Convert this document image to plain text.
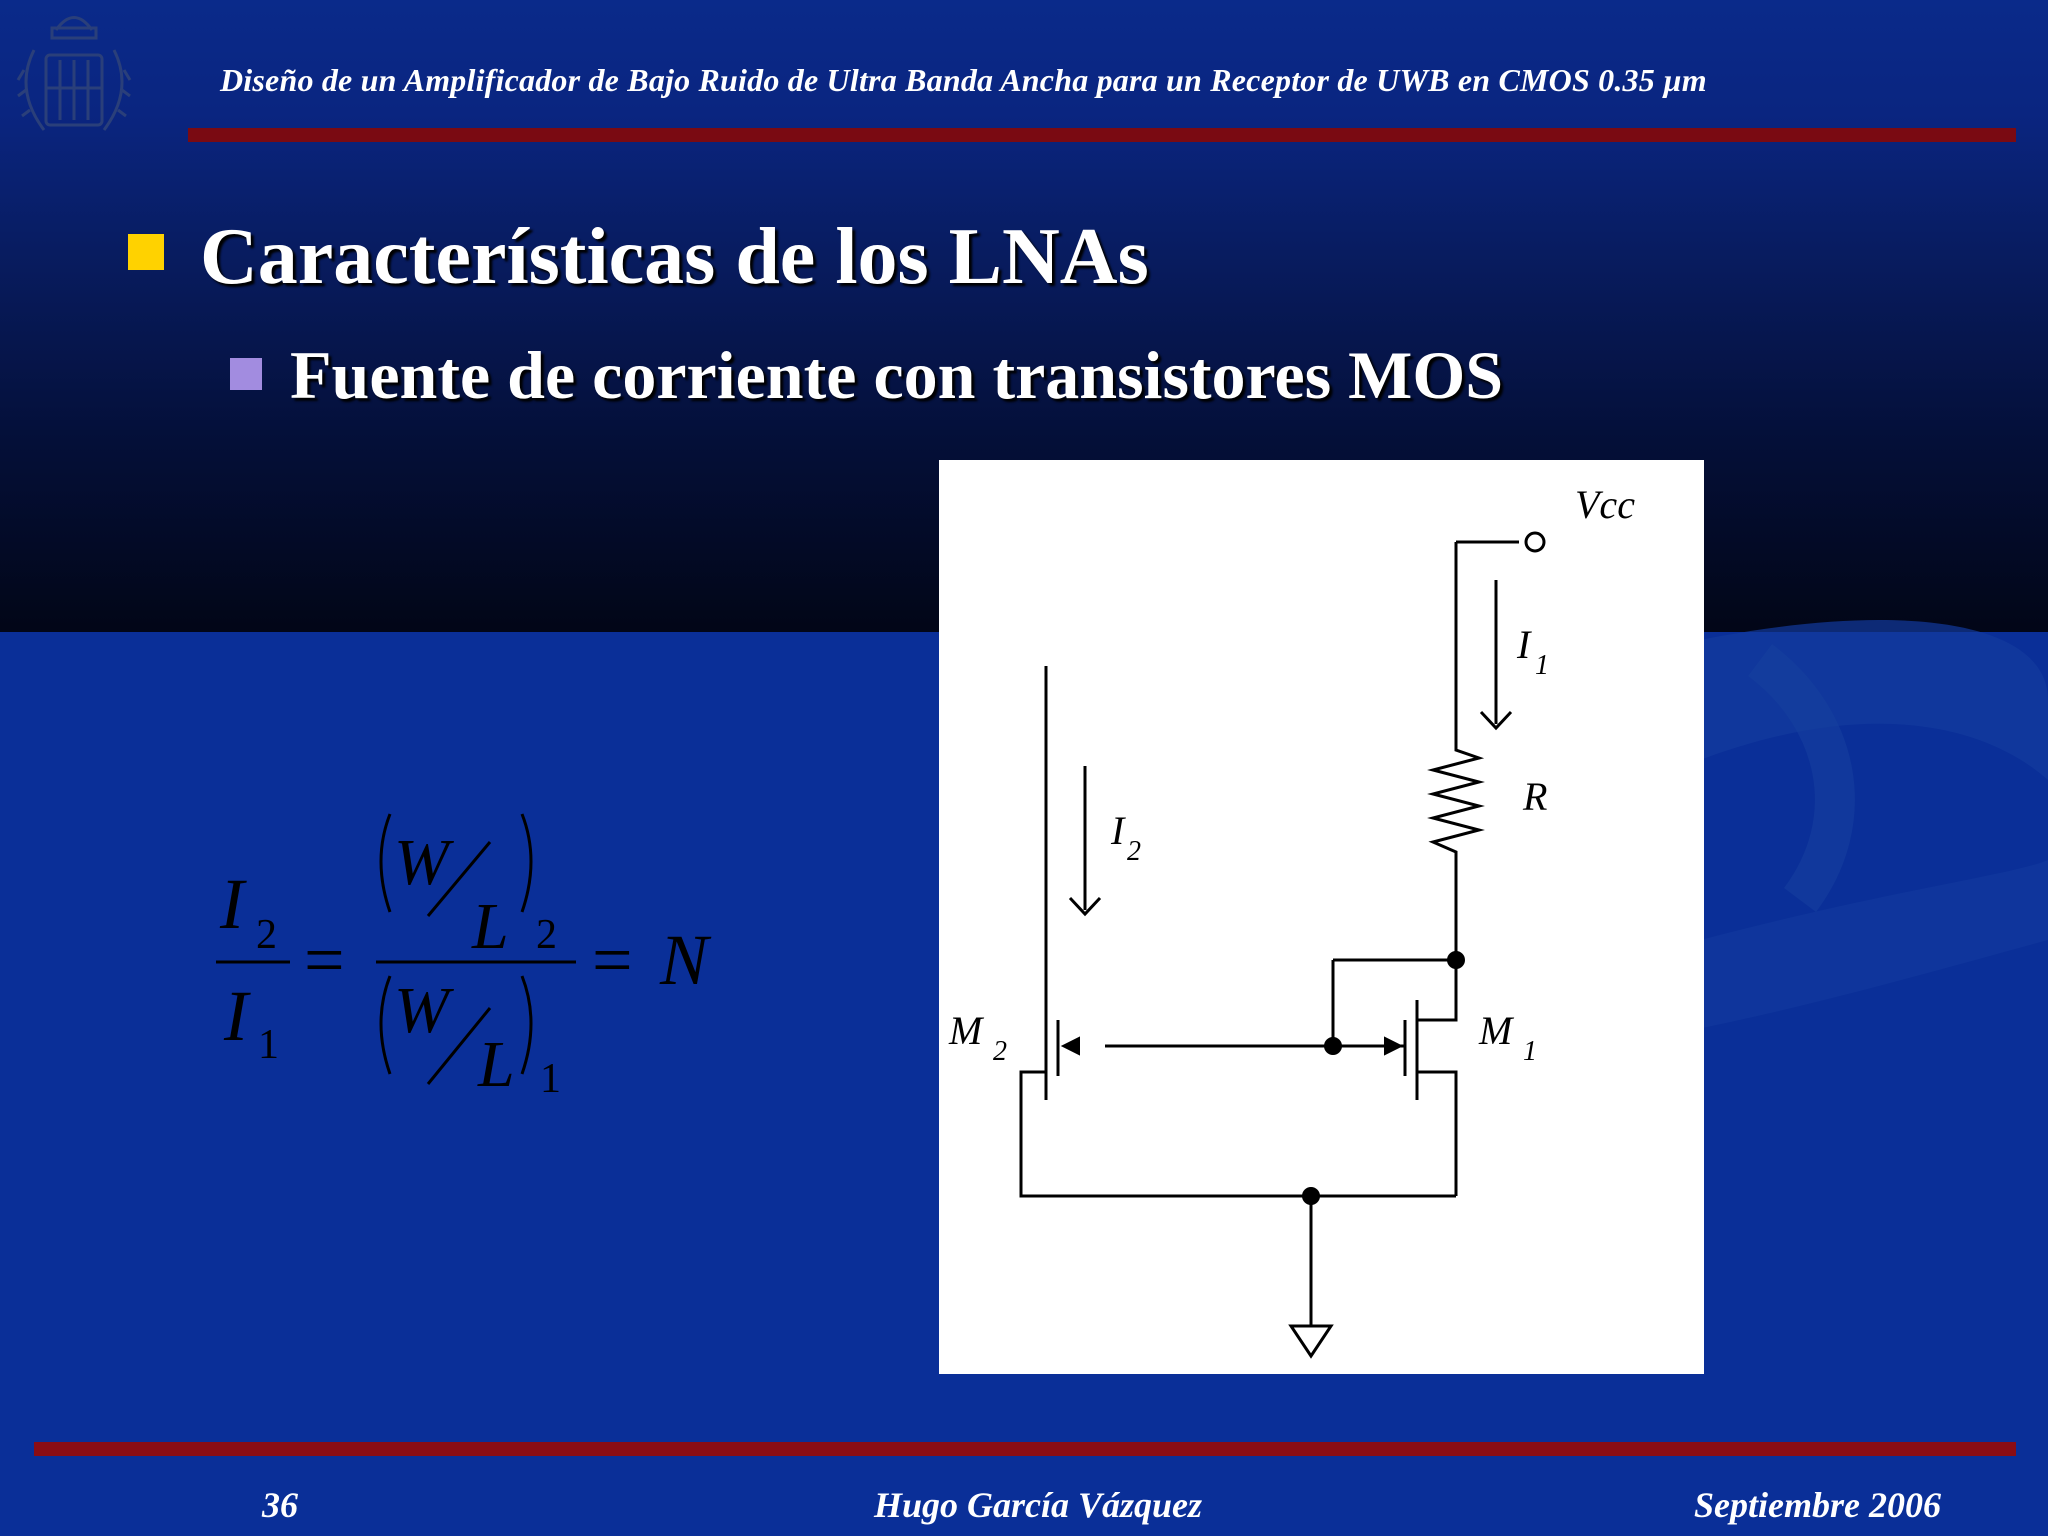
Diseño de un Amplificador de Bajo Ruido de Ultra Banda Ancha para un Receptor de UWB en CMOS 0.35 µm
Características de los LNAs
Fuente de corriente con transistores MOS
I 2
I 1
=
W
L 2
W
L 1
= N
Vcc
I 1
R
I 2
M 2	M 1
36	Hugo García Vázquez	Septiembre 2006
